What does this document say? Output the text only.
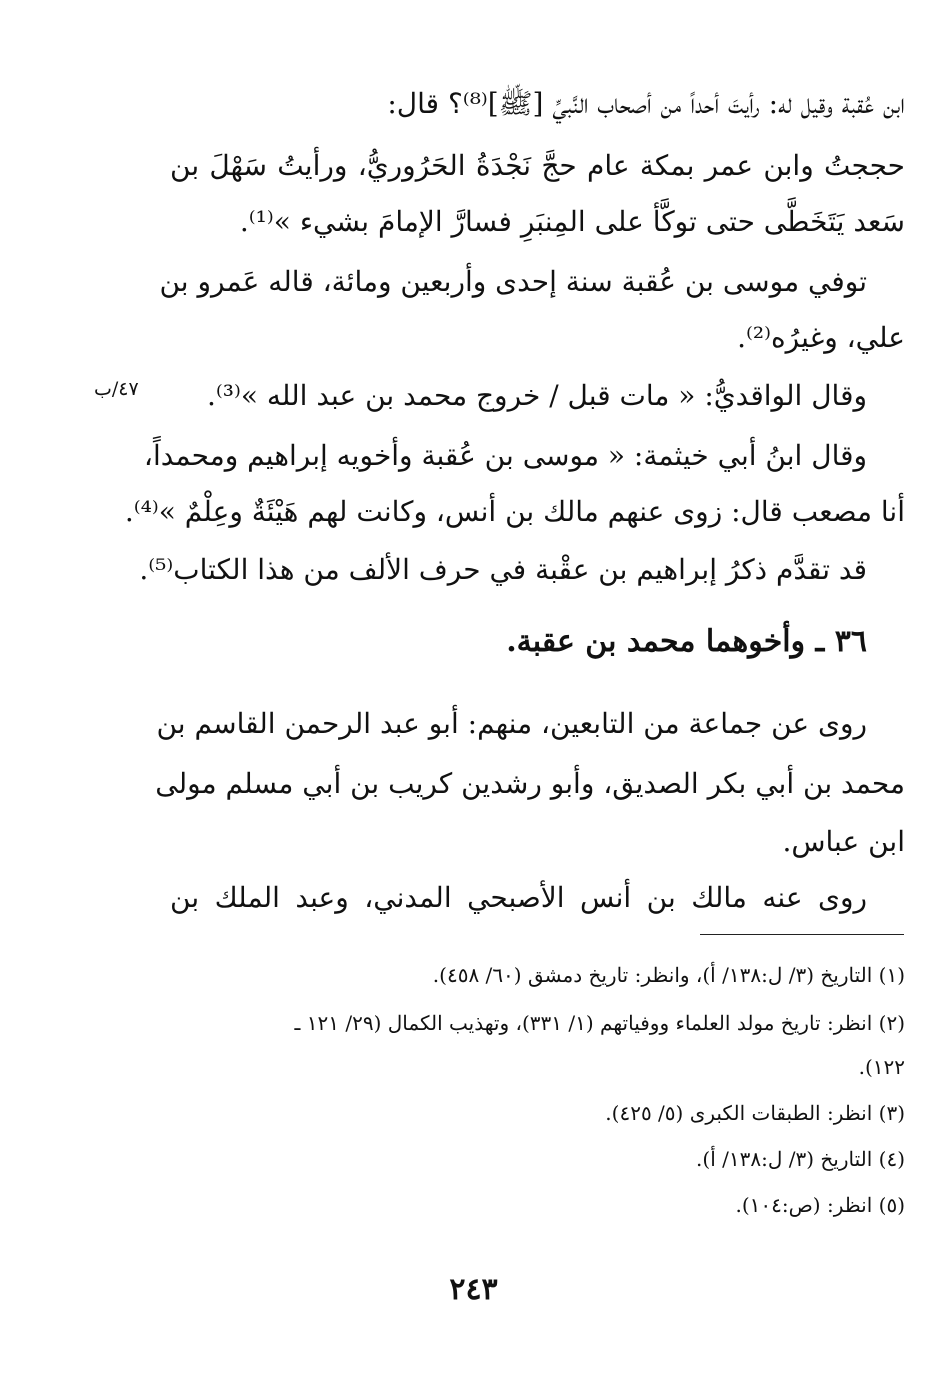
ابن عُقبة وقيل له: رأيتَ أحداً من أصحاب النَّبيِّ [ﷺ]⁽⁸⁾؟ قال:
حججتُ وابن عمر بمكة عام حجَّ نَجْدَةُ الحَرُوريُّ، ورأيتُ سَهْلَ بن
سَعد يَتَخَطَّى حتى توكَّأ على المِنبَرِ فسارَّ الإمامَ بشيء »⁽¹⁾.
توفي موسى بن عُقبة سنة إحدى وأربعين ومائة، قاله عَمرو بن
علي، وغيرُه⁽²⁾.
وقال الواقديُّ: « مات قبل / خروج محمد بن عبد الله »⁽³⁾.
وقال ابنُ أبي خيثمة: « موسى بن عُقبة وأخويه إبراهيم ومحمداً،
أنا مصعب قال: زوى عنهم مالك بن أنس، وكانت لهم هَيْئَةٌ وعِلْمٌ »⁽⁴⁾.
قد تقدَّم ذكرُ إبراهيم بن عقْبة في حرف الألف من هذا الكتاب⁽⁵⁾.
٤٧/ب
٣٦ ـ وأخوهما محمد بن عقبة.
روى عن جماعة من التابعين، منهم: أبو عبد الرحمن القاسم بن
محمد بن أبي بكر الصديق، وأبو رشدين كريب بن أبي مسلم مولى
ابن عباس.
روى عنه مالك بن أنس الأصبحي المدني، وعبد الملك بن
(١) التاريخ (٣/ ل:١٣٨/ أ)، وانظر: تاريخ دمشق (٦٠/ ٤٥٨).
(٢) انظر: تاريخ مولد العلماء ووفياتهم (١/ ٣٣١)، وتهذيب الكمال (٢٩/ ١٢١ ـ
١٢٢).
(٣) انظر: الطبقات الكبرى (٥/ ٤٢٥).
(٤) التاريخ (٣/ ل:١٣٨/ أ).
(٥) انظر: (ص:١٠٤).
٢٤٣
